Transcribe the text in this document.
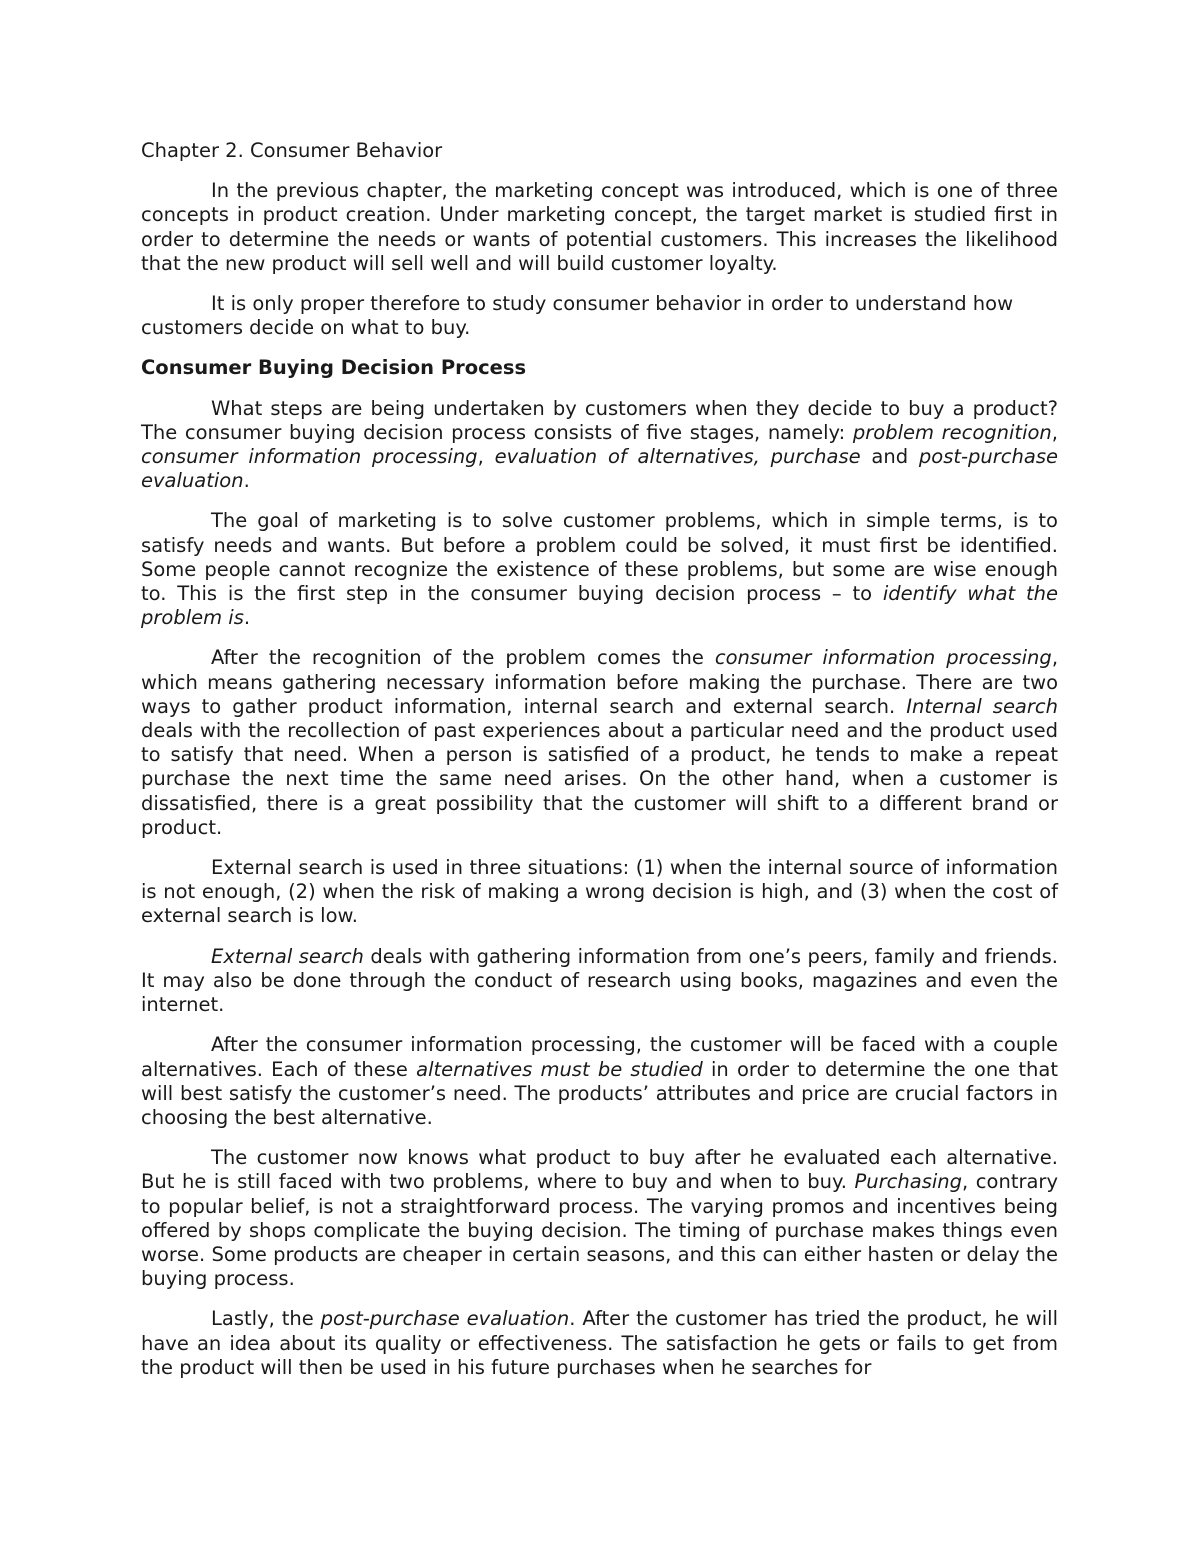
Chapter 2. Consumer Behavior

In the previous chapter, the marketing concept was introduced, which is one of three concepts in product creation. Under marketing concept, the target market is studied first in order to determine the needs or wants of potential customers. This increases the likelihood that the new product will sell well and will build customer loyalty.

It is only proper therefore to study consumer behavior in order to understand how customers decide on what to buy.

Consumer Buying Decision Process

What steps are being undertaken by customers when they decide to buy a product? The consumer buying decision process consists of five stages, namely: problem recognition, consumer information processing, evaluation of alternatives, purchase and post-purchase evaluation.

The goal of marketing is to solve customer problems, which in simple terms, is to satisfy needs and wants. But before a problem could be solved, it must first be identified. Some people cannot recognize the existence of these problems, but some are wise enough to. This is the first step in the consumer buying decision process – to identify what the problem is.

After the recognition of the problem comes the consumer information processing, which means gathering necessary information before making the purchase. There are two ways to gather product information, internal search and external search. Internal search deals with the recollection of past experiences about a particular need and the product used to satisfy that need. When a person is satisfied of a product, he tends to make a repeat purchase the next time the same need arises. On the other hand, when a customer is dissatisfied, there is a great possibility that the customer will shift to a different brand or product.

External search is used in three situations: (1) when the internal source of information is not enough, (2) when the risk of making a wrong decision is high, and (3) when the cost of external search is low.

External search deals with gathering information from one’s peers, family and friends. It may also be done through the conduct of research using books, magazines and even the internet.

After the consumer information processing, the customer will be faced with a couple alternatives. Each of these alternatives must be studied in order to determine the one that will best satisfy the customer’s need. The products’ attributes and price are crucial factors in choosing the best alternative.

The customer now knows what product to buy after he evaluated each alternative. But he is still faced with two problems, where to buy and when to buy. Purchasing, contrary to popular belief, is not a straightforward process. The varying promos and incentives being offered by shops complicate the buying decision. The timing of purchase makes things even worse. Some products are cheaper in certain seasons, and this can either hasten or delay the buying process.

Lastly, the post-purchase evaluation. After the customer has tried the product, he will have an idea about its quality or effectiveness. The satisfaction he gets or fails to get from the product will then be used in his future purchases when he searches for
